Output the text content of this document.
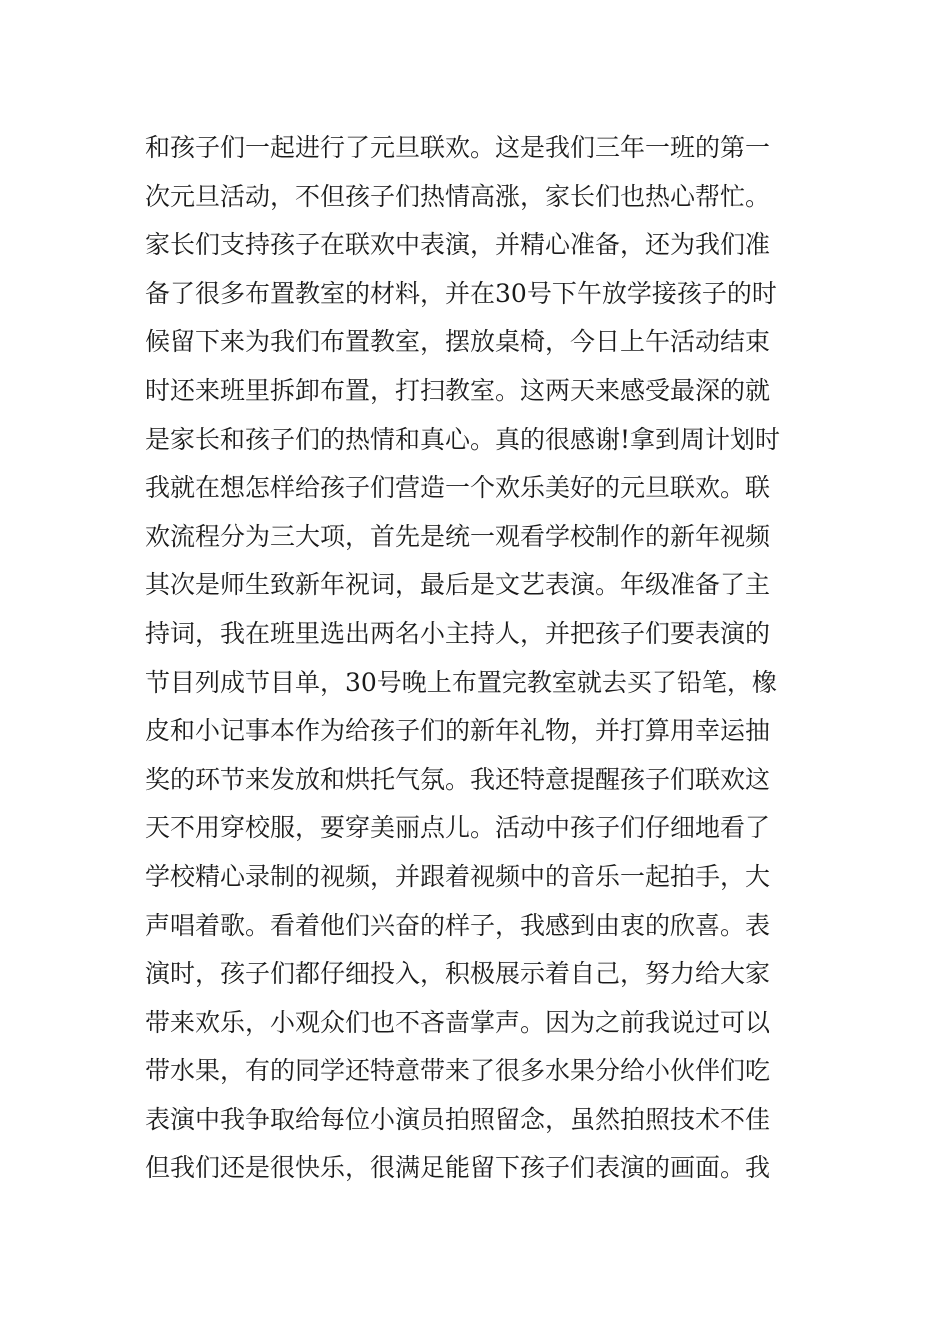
和孩子们一起进行了元旦联欢。这是我们三年一班的第一
次元旦活动，不但孩子们热情高涨，家长们也热心帮忙。
家长们支持孩子在联欢中表演，并精心准备，还为我们准
备了很多布置教室的材料，并在30号下午放学接孩子的时
候留下来为我们布置教室，摆放桌椅，今日上午活动结束
时还来班里拆卸布置，打扫教室。这两天来感受最深的就
是家长和孩子们的热情和真心。真的很感谢!拿到周计划时
我就在想怎样给孩子们营造一个欢乐美好的元旦联欢。联
欢流程分为三大项，首先是统一观看学校制作的新年视频
其次是师生致新年祝词，最后是文艺表演。年级准备了主
持词，我在班里选出两名小主持人，并把孩子们要表演的
节目列成节目单，30号晚上布置完教室就去买了铅笔，橡
皮和小记事本作为给孩子们的新年礼物，并打算用幸运抽
奖的环节来发放和烘托气氛。我还特意提醒孩子们联欢这
天不用穿校服，要穿美丽点儿。活动中孩子们仔细地看了
学校精心录制的视频，并跟着视频中的音乐一起拍手，大
声唱着歌。看着他们兴奋的样子，我感到由衷的欣喜。表
演时，孩子们都仔细投入，积极展示着自己，努力给大家
带来欢乐，小观众们也不吝啬掌声。因为之前我说过可以
带水果，有的同学还特意带来了很多水果分给小伙伴们吃
表演中我争取给每位小演员拍照留念，虽然拍照技术不佳
但我们还是很快乐，很满足能留下孩子们表演的画面。我
